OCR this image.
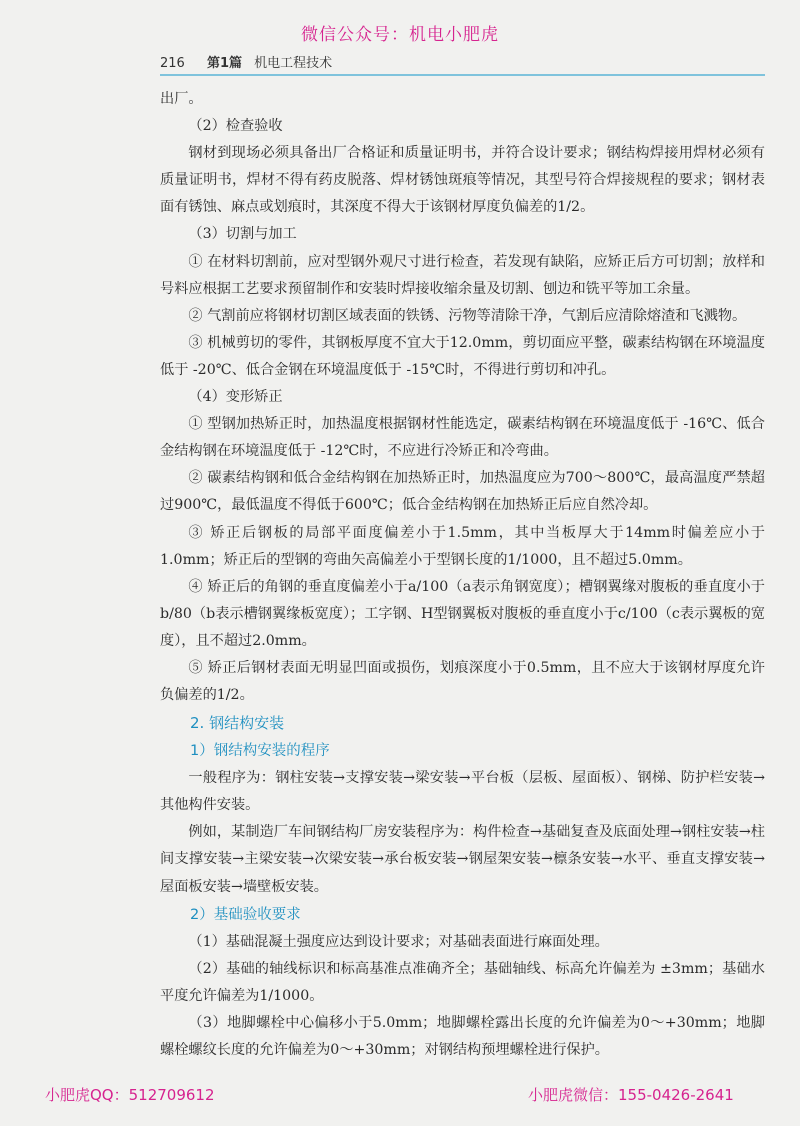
微信公众号：机电小肥虎
216 第1篇 机电工程技术

出厂。

（2）检查验收

钢材到现场必须具备出厂合格证和质量证明书，并符合设计要求；钢结构焊接用焊材必须有质量证明书，焊材不得有药皮脱落、焊材锈蚀斑痕等情况，其型号符合焊接规程的要求；钢材表面有锈蚀、麻点或划痕时，其深度不得大于该钢材厚度负偏差的1/2。

（3）切割与加工

① 在材料切割前，应对型钢外观尺寸进行检查，若发现有缺陷，应矫正后方可切割；放样和号料应根据工艺要求预留制作和安装时焊接收缩余量及切割、刨边和铣平等加工余量。

② 气割前应将钢材切割区域表面的铁锈、污物等清除干净，气割后应清除熔渣和飞溅物。

③ 机械剪切的零件，其钢板厚度不宜大于12.0mm，剪切面应平整，碳素结构钢在环境温度低于 -20℃、低合金钢在环境温度低于 -15℃时，不得进行剪切和冲孔。

（4）变形矫正

① 型钢加热矫正时，加热温度根据钢材性能选定，碳素结构钢在环境温度低于 -16℃、低合金结构钢在环境温度低于 -12℃时，不应进行冷矫正和冷弯曲。

② 碳素结构钢和低合金结构钢在加热矫正时，加热温度应为700～800℃，最高温度严禁超过900℃，最低温度不得低于600℃；低合金结构钢在加热矫正后应自然冷却。

③ 矫正后钢板的局部平面度偏差小于1.5mm，其中当板厚大于14mm时偏差应小于1.0mm；矫正后的型钢的弯曲矢高偏差小于型钢长度的1/1000，且不超过5.0mm。

④ 矫正后的角钢的垂直度偏差小于a/100（a表示角钢宽度）；槽钢翼缘对腹板的垂直度小于b/80（b表示槽钢翼缘板宽度）；工字钢、H型钢翼板对腹板的垂直度小于c/100（c表示翼板的宽度），且不超过2.0mm。

⑤ 矫正后钢材表面无明显凹面或损伤，划痕深度小于0.5mm，且不应大于该钢材厚度允许负偏差的1/2。

2. 钢结构安装
1）钢结构安装的程序

一般程序为：钢柱安装→支撑安装→梁安装→平台板（层板、屋面板）、钢梯、防护栏安装→其他构件安装。

例如，某制造厂车间钢结构厂房安装程序为：构件检查→基础复查及底面处理→钢柱安装→柱间支撑安装→主梁安装→次梁安装→承台板安装→钢屋架安装→檩条安装→水平、垂直支撑安装→屋面板安装→墙壁板安装。

2）基础验收要求

（1）基础混凝土强度应达到设计要求；对基础表面进行麻面处理。

（2）基础的轴线标识和标高基准点准确齐全；基础轴线、标高允许偏差为 ±3mm；基础水平度允许偏差为1/1000。

（3）地脚螺栓中心偏移小于5.0mm；地脚螺栓露出长度的允许偏差为0～+30mm；地脚螺栓螺纹长度的允许偏差为0～+30mm；对钢结构预埋螺栓进行保护。

小肥虎QQ：512709612	小肥虎微信：155-0426-2641
